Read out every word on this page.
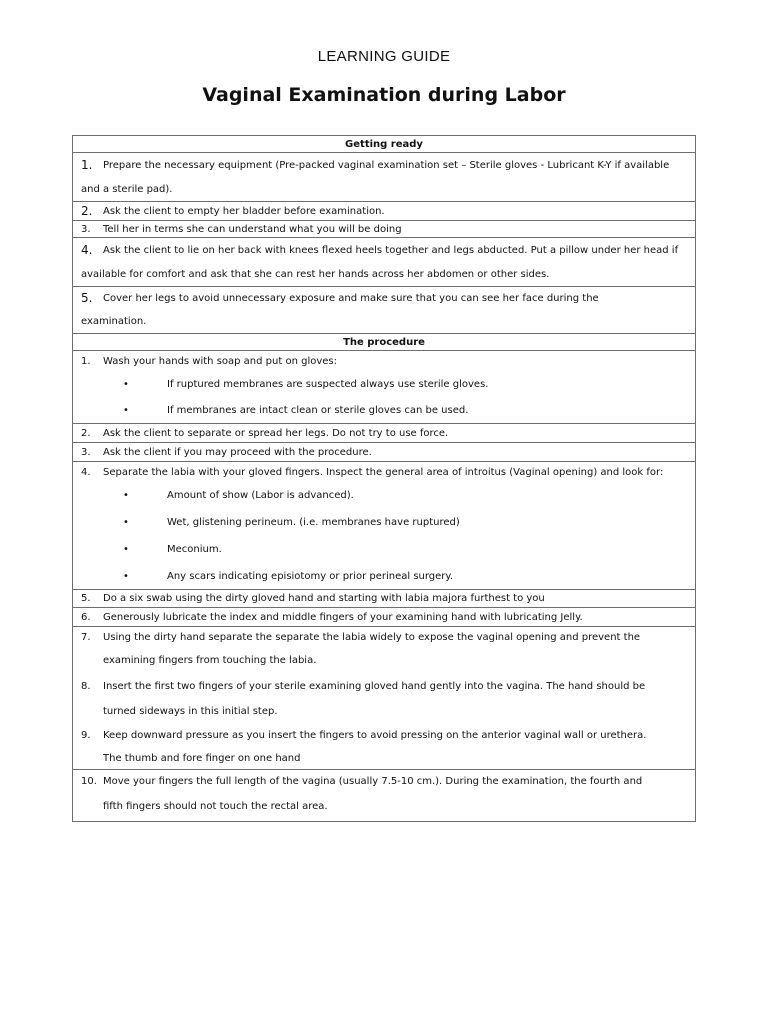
LEARNING GUIDE
Vaginal Examination during Labor
Getting ready

1.	Prepare the necessary equipment (Pre-packed vaginal examination set – Sterile gloves - Lubricant K-Y if available
and a sterile pad).

2.	Ask the client to empty her bladder before examination.

3.	Tell her in terms she can understand what you will be doing

4.	Ask the client to lie on her back with knees flexed heels together and legs abducted. Put a pillow under her head if
available for comfort and ask that she can rest her hands across her abdomen or other sides.

5.	Cover her legs to avoid unnecessary exposure and make sure that you can see her face during the
examination.

The procedure

1.	Wash your hands with soap and put on gloves:
•	If ruptured membranes are suspected always use sterile gloves.
•	If membranes are intact clean or sterile gloves can be used.

2.	Ask the client to separate or spread her legs. Do not try to use force.

3.	Ask the client if you may proceed with the procedure.

4.	Separate the labia with your gloved fingers. Inspect the general area of introitus (Vaginal opening) and look for:
•	Amount of show (Labor is advanced).
•	Wet, glistening perineum. (i.e. membranes have ruptured)
•	Meconium.
•	Any scars indicating episiotomy or prior perineal surgery.

5.	Do a six swab using the dirty gloved hand and starting with labia majora furthest to you

6.	Generously lubricate the index and middle fingers of your examining hand with lubricating Jelly.

7.	Using the dirty hand separate the separate the labia widely to expose the vaginal opening and prevent the
examining fingers from touching the labia.
8.	Insert the first two fingers of your sterile examining gloved hand gently into the vagina. The hand should be
turned sideways in this initial step.
9.	Keep downward pressure as you insert the fingers to avoid pressing on the anterior vaginal wall or urethera.
The thumb and fore finger on one hand

10. Move your fingers the full length of the vagina (usually 7.5-10 cm.). During the examination, the fourth and
fifth fingers should not touch the rectal area.
